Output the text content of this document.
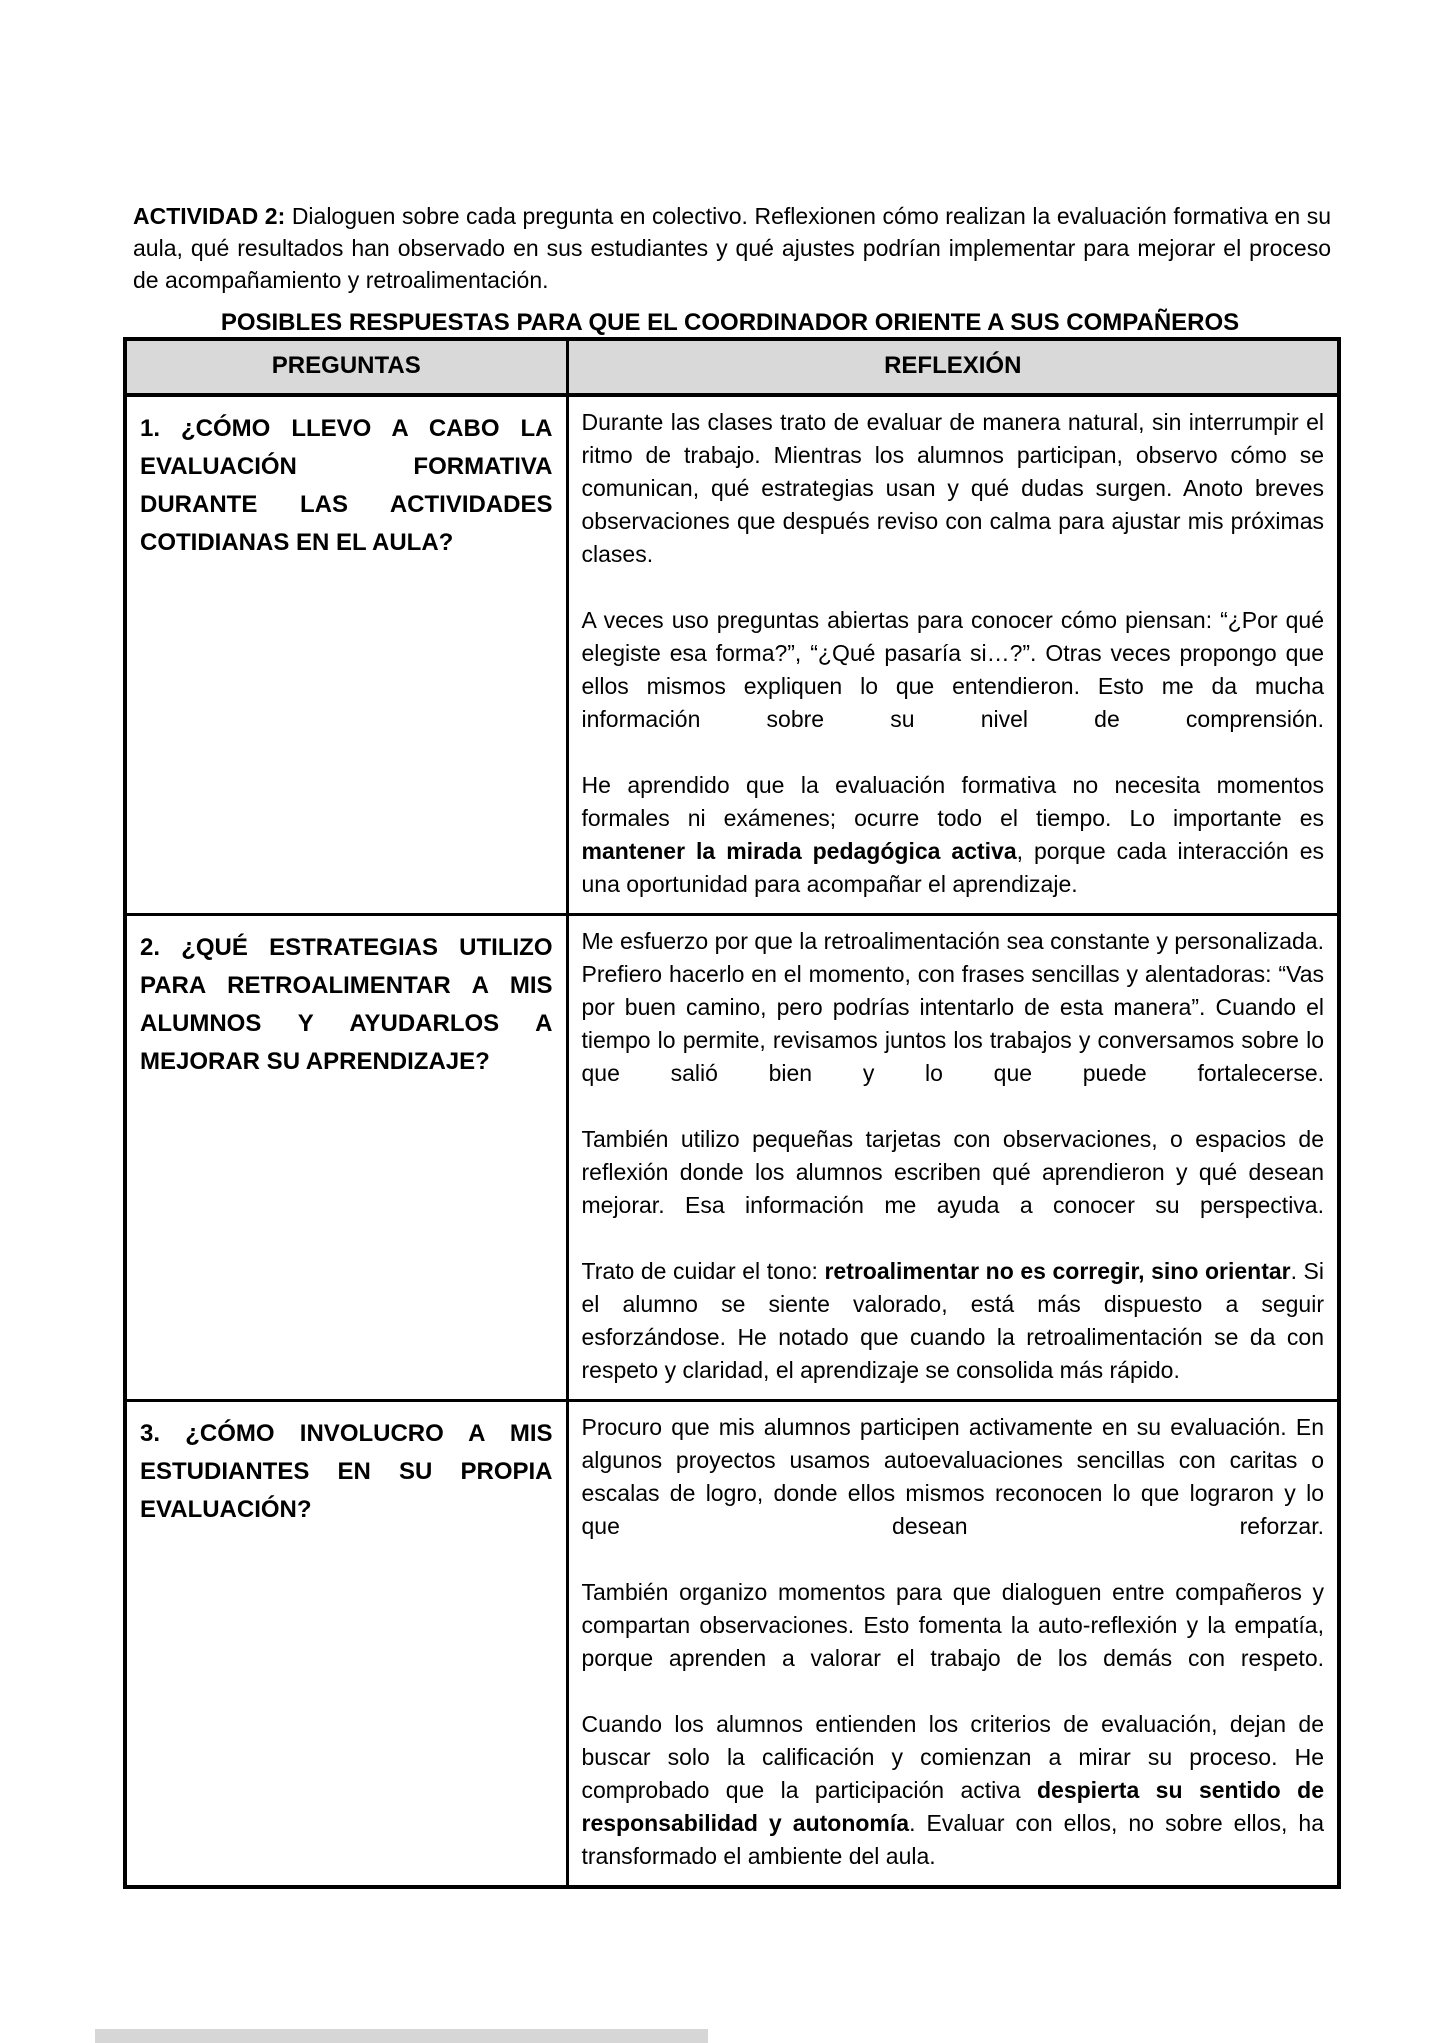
ACTIVIDAD 2: Dialoguen sobre cada pregunta en colectivo. Reflexionen cómo realizan la evaluación formativa en su aula, qué resultados han observado en sus estudiantes y qué ajustes podrían implementar para mejorar el proceso de acompañamiento y retroalimentación.

POSIBLES RESPUESTAS PARA QUE EL COORDINADOR ORIENTE A SUS COMPAÑEROS

PREGUNTAS	REFLEXIÓN

1. ¿CÓMO LLEVO A CABO LA EVALUACIÓN FORMATIVA DURANTE LAS ACTIVIDADES COTIDIANAS EN EL AULA?	Durante las clases trato de evaluar de manera natural, sin interrumpir el ritmo de trabajo. Mientras los alumnos participan, observo cómo se comunican, qué estrategias usan y qué dudas surgen. Anoto breves observaciones que después reviso con calma para ajustar mis próximas clases.

A veces uso preguntas abiertas para conocer cómo piensan: “¿Por qué elegiste esa forma?”, “¿Qué pasaría si…?”. Otras veces propongo que ellos mismos expliquen lo que entendieron. Esto me da mucha información sobre su nivel de comprensión.

He aprendido que la evaluación formativa no necesita momentos formales ni exámenes; ocurre todo el tiempo. Lo importante es mantener la mirada pedagógica activa, porque cada interacción es una oportunidad para acompañar el aprendizaje.

2. ¿QUÉ ESTRATEGIAS UTILIZO PARA RETROALIMENTAR A MIS ALUMNOS Y AYUDARLOS A MEJORAR SU APRENDIZAJE?	Me esfuerzo por que la retroalimentación sea constante y personalizada. Prefiero hacerlo en el momento, con frases sencillas y alentadoras: “Vas por buen camino, pero podrías intentarlo de esta manera”. Cuando el tiempo lo permite, revisamos juntos los trabajos y conversamos sobre lo que salió bien y lo que puede fortalecerse.

También utilizo pequeñas tarjetas con observaciones, o espacios de reflexión donde los alumnos escriben qué aprendieron y qué desean mejorar. Esa información me ayuda a conocer su perspectiva.

Trato de cuidar el tono: retroalimentar no es corregir, sino orientar. Si el alumno se siente valorado, está más dispuesto a seguir esforzándose. He notado que cuando la retroalimentación se da con respeto y claridad, el aprendizaje se consolida más rápido.

3. ¿CÓMO INVOLUCRO A MIS ESTUDIANTES EN SU PROPIA EVALUACIÓN?	Procuro que mis alumnos participen activamente en su evaluación. En algunos proyectos usamos autoevaluaciones sencillas con caritas o escalas de logro, donde ellos mismos reconocen lo que lograron y lo que desean reforzar.

También organizo momentos para que dialoguen entre compañeros y compartan observaciones. Esto fomenta la auto-reflexión y la empatía, porque aprenden a valorar el trabajo de los demás con respeto.

Cuando los alumnos entienden los criterios de evaluación, dejan de buscar solo la calificación y comienzan a mirar su proceso. He comprobado que la participación activa despierta su sentido de responsabilidad y autonomía. Evaluar con ellos, no sobre ellos, ha transformado el ambiente del aula.
